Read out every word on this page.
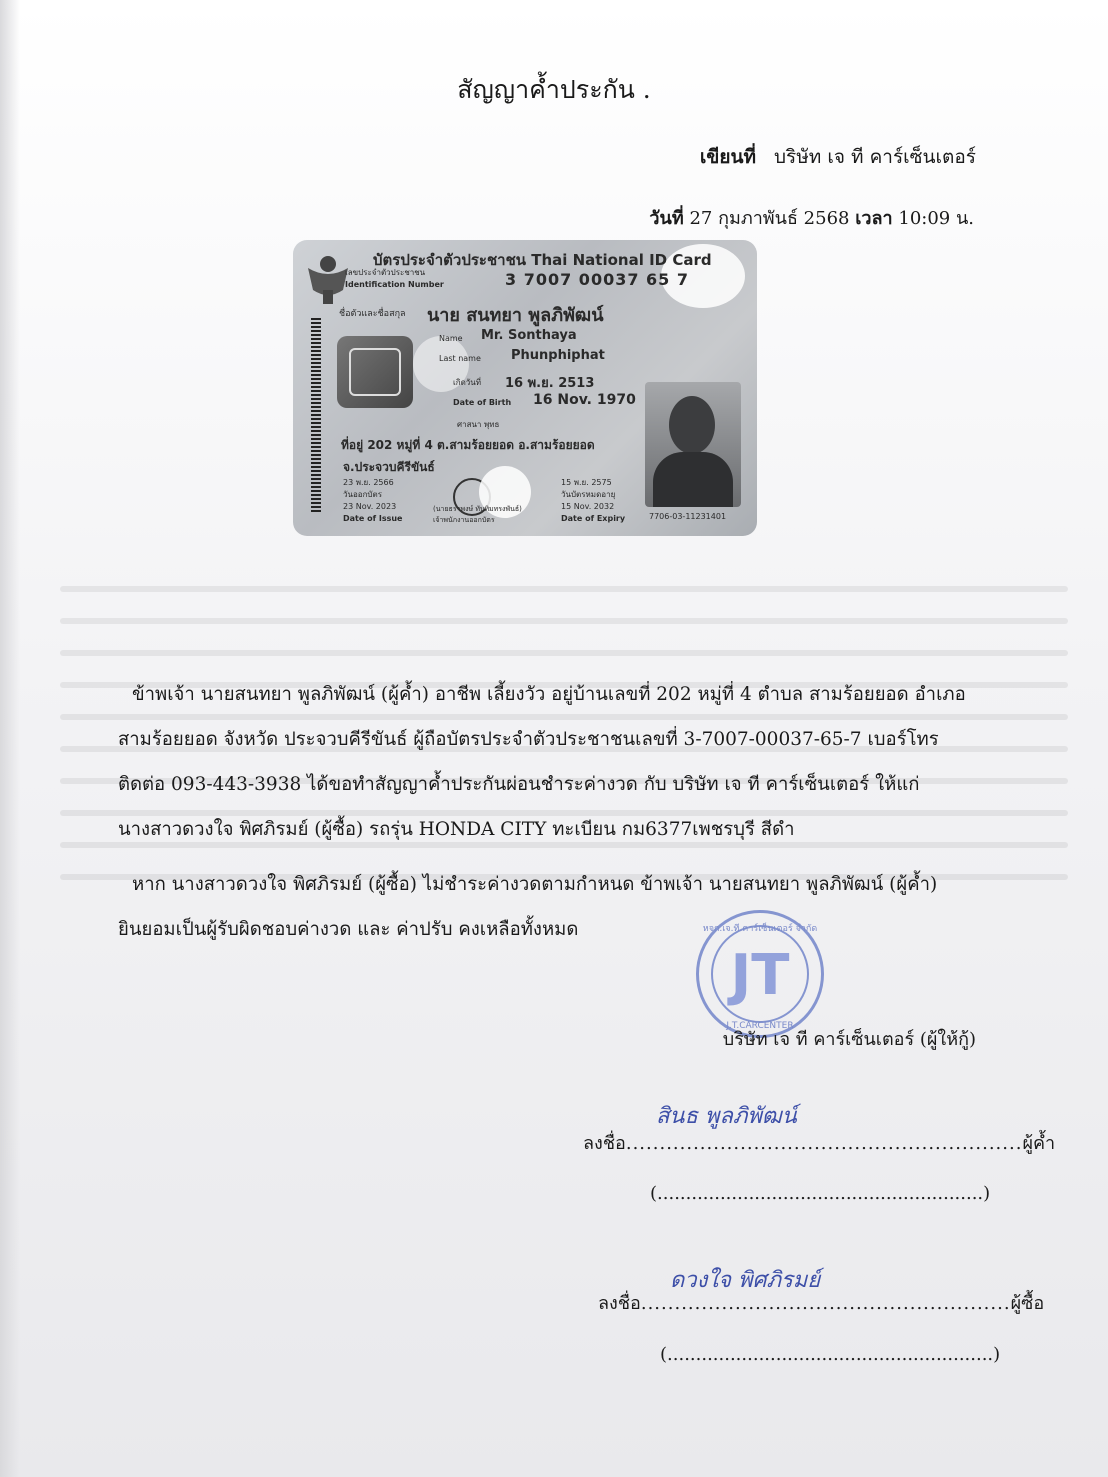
สัญญาค้ำประกัน .
เขียนที่ บริษัท เจ ที คาร์เซ็นเตอร์
วันที่ 27 กุมภาพันธ์ 2568 เวลา 10:09 น.
บัตรประจำตัวประชาชน Thai National ID Card
เลขประจำตัวประชาชน
Identification Number	3 7007 00037 65 7
ชื่อตัวและชื่อสกุล นาย สนทยา พูลภิพัฒน์
Name Mr. Sonthaya
Last name Phunphiphat
เกิดวันที่ 16 พ.ย. 2513
Date of Birth 16 Nov. 1970
ศาสนา พุทธ
ที่อยู่ 202 หมู่ที่ 4 ต.สามร้อยยอด อ.สามร้อยยอด
จ.ประจวบคีรีขันธ์
23 พ.ย. 2566
วันออกบัตร
23 Nov. 2023
Date of Issue
(นายธราพงษ์ ทับทิมทรงพันธ์)
เจ้าพนักงานออกบัตร
15 พ.ย. 2575
วันบัตรหมดอายุ
15 Nov. 2032
Date of Expiry	7706-03-11231401
ข้าพเจ้า นายสนทยา พูลภิพัฒน์ (ผู้ค้ำ) อาชีพ เลี้ยงวัว อยู่บ้านเลขที่ 202 หมู่ที่ 4 ตำบล สามร้อยยอด อำเภอ สามร้อยยอด จังหวัด ประจวบคีรีขันธ์ ผู้ถือบัตรประจำตัวประชาชนเลขที่ 3-7007-00037-65-7 เบอร์โทร ติดต่อ 093-443-3938 ได้ขอทำสัญญาค้ำประกันผ่อนชำระค่างวด กับ บริษัท เจ ที คาร์เซ็นเตอร์ ให้แก่ นางสาวดวงใจ พิศภิรมย์ (ผู้ซื้อ) รถรุ่น HONDA CITY ทะเบียน กม6377เพชรบุรี สีดำ
หาก นางสาวดวงใจ พิศภิรมย์ (ผู้ซื้อ) ไม่ชำระค่างวดตามกำหนด ข้าพเจ้า นายสนทยา พูลภิพัฒน์ (ผู้ค้ำ) ยินยอมเป็นผู้รับผิดชอบค่างวด และ ค่าปรับ คงเหลือทั้งหมด	หจก.เจ.ที.คาร์เซ็นเตอร์ จำกัด
JT
J.T.CARCENTER
บริษัท เจ ที คาร์เซ็นเตอร์ (ผู้ให้กู้)
ลงชื่อ...........................................................ผู้ค้ำ
สินธ พูลภิพัฒน์
(.........................................................)
ลงชื่อ.......................................................ผู้ซื้อ
ดวงใจ พิศภิรมย์
(.........................................................)
